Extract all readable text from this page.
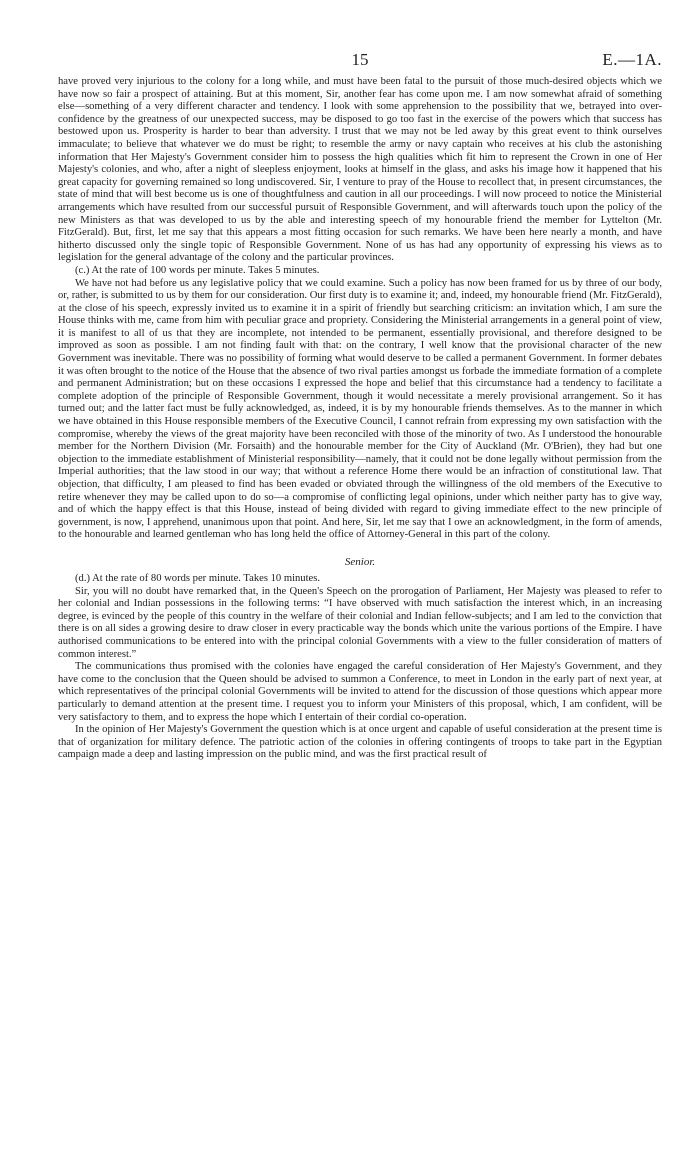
15	E.—1A.

have proved very injurious to the colony for a long while, and must have been fatal to the pursuit of those much-desired objects which we have now so fair a prospect of attaining. But at this moment, Sir, another fear has come upon me. I am now somewhat afraid of something else—something of a very different character and tendency. I look with some apprehension to the possibility that we, betrayed into over-confidence by the greatness of our unexpected success, may be disposed to go too fast in the exercise of the powers which that success has bestowed upon us. Prosperity is harder to bear than adversity. I trust that we may not be led away by this great event to think ourselves immaculate; to believe that whatever we do must be right; to resemble the army or navy captain who receives at his club the astonishing information that Her Majesty's Government consider him to possess the high qualities which fit him to represent the Crown in one of Her Majesty's colonies, and who, after a night of sleepless enjoyment, looks at himself in the glass, and asks his image how it happened that his great capacity for governing remained so long undiscovered. Sir, I venture to pray of the House to recollect that, in present circumstances, the state of mind that will best become us is one of thoughtfulness and caution in all our proceedings. I will now proceed to notice the Ministerial arrangements which have resulted from our successful pursuit of Responsible Government, and will afterwards touch upon the policy of the new Ministers as that was developed to us by the able and interesting speech of my honourable friend the member for Lyttelton (Mr. FitzGerald). But, first, let me say that this appears a most fitting occasion for such remarks. We have been here nearly a month, and have hitherto discussed only the single topic of Responsible Government. None of us has had any opportunity of expressing his views as to legislation for the general advantage of the colony and the particular provinces.

(c.) At the rate of 100 words per minute. Takes 5 minutes.

We have not had before us any legislative policy that we could examine. Such a policy has now been framed for us by three of our body, or, rather, is submitted to us by them for our consideration. Our first duty is to examine it; and, indeed, my honourable friend (Mr. FitzGerald), at the close of his speech, expressly invited us to examine it in a spirit of friendly but searching criticism: an invitation which, I am sure the House thinks with me, came from him with peculiar grace and propriety. Considering the Ministerial arrangements in a general point of view, it is manifest to all of us that they are incomplete, not intended to be permanent, essentially provisional, and therefore designed to be improved as soon as possible. I am not finding fault with that: on the contrary, I well know that the provisional character of the new Government was inevitable. There was no possibility of forming what would deserve to be called a permanent Government. In former debates it was often brought to the notice of the House that the absence of two rival parties amongst us forbade the immediate formation of a complete and permanent Administration; but on these occasions I expressed the hope and belief that this circumstance had a tendency to facilitate a complete adoption of the principle of Responsible Government, though it would necessitate a merely provisional arrangement. So it has turned out; and the latter fact must be fully acknowledged, as, indeed, it is by my honourable friends themselves. As to the manner in which we have obtained in this House responsible members of the Executive Council, I cannot refrain from expressing my own satisfaction with the compromise, whereby the views of the great majority have been reconciled with those of the minority of two. As I understood the honourable member for the Northern Division (Mr. Forsaith) and the honourable member for the City of Auckland (Mr. O'Brien), they had but one objection to the immediate establishment of Ministerial responsibility—namely, that it could not be done legally without permission from the Imperial authorities; that the law stood in our way; that without a reference Home there would be an infraction of constitutional law. That objection, that difficulty, I am pleased to find has been evaded or obviated through the willingness of the old members of the Executive to retire whenever they may be called upon to do so—a compromise of conflicting legal opinions, under which neither party has to give way, and of which the happy effect is that this House, instead of being divided with regard to giving immediate effect to the new principle of government, is now, I apprehend, unanimous upon that point. And here, Sir, let me say that I owe an acknowledgment, in the form of amends, to the honourable and learned gentleman who has long held the office of Attorney-General in this part of the colony.

Senior.

(d.) At the rate of 80 words per minute. Takes 10 minutes.

Sir, you will no doubt have remarked that, in the Queen's Speech on the prorogation of Parliament, Her Majesty was pleased to refer to her colonial and Indian possessions in the following terms: “I have observed with much satisfaction the interest which, in an increasing degree, is evinced by the people of this country in the welfare of their colonial and Indian fellow-subjects; and I am led to the conviction that there is on all sides a growing desire to draw closer in every practicable way the bonds which unite the various portions of the Empire. I have authorised communications to be entered into with the principal colonial Governments with a view to the fuller consideration of matters of common interest.”

The communications thus promised with the colonies have engaged the careful consideration of Her Majesty's Government, and they have come to the conclusion that the Queen should be advised to summon a Conference, to meet in London in the early part of next year, at which representatives of the principal colonial Governments will be invited to attend for the discussion of those questions which appear more particularly to demand attention at the present time. I request you to inform your Ministers of this proposal, which, I am confident, will be very satisfactory to them, and to express the hope which I entertain of their cordial co-operation.

In the opinion of Her Majesty's Government the question which is at once urgent and capable of useful consideration at the present time is that of organization for military defence. The patriotic action of the colonies in offering contingents of troops to take part in the Egyptian campaign made a deep and lasting impression on the public mind, and was the first practical result of
